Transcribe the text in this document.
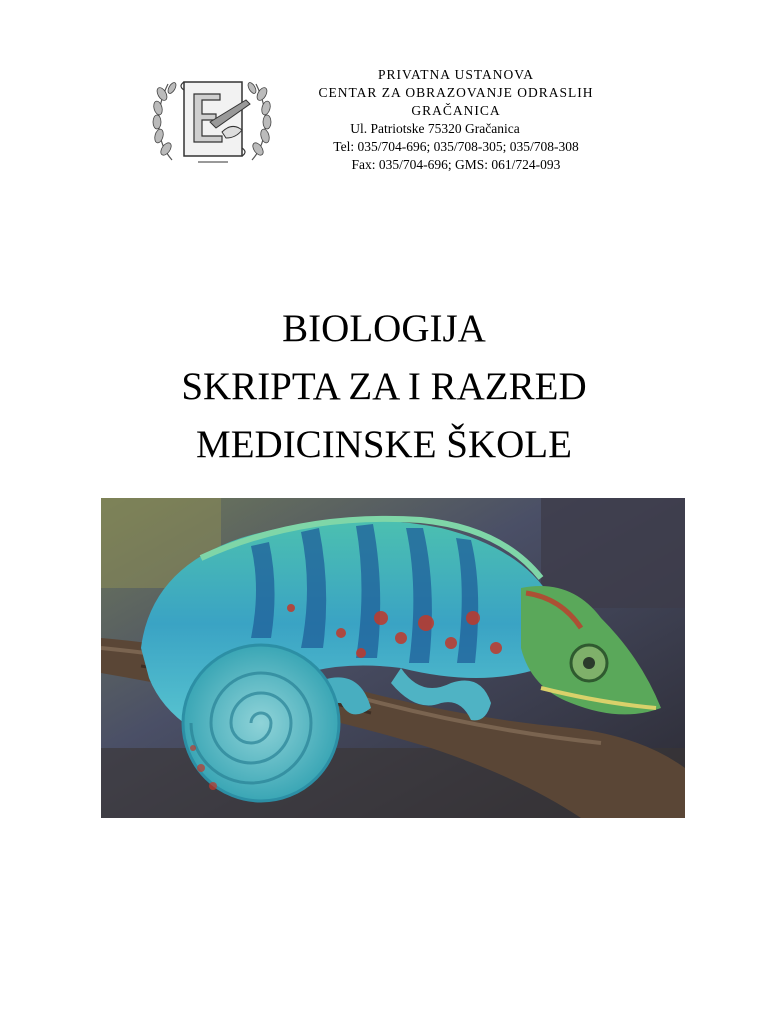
PRIVATNA USTANOVA
CENTAR ZA OBRAZOVANJE ODRASLIH
GRAČANICA
Ul. Patriotske 75320 Gračanica
Tel: 035/704-696; 035/708-305; 035/708-308
Fax: 035/704-696; GMS: 061/724-093
BIOLOGIJA
SKRIPTA ZA I RAZRED
MEDICINSKE ŠKOLE
